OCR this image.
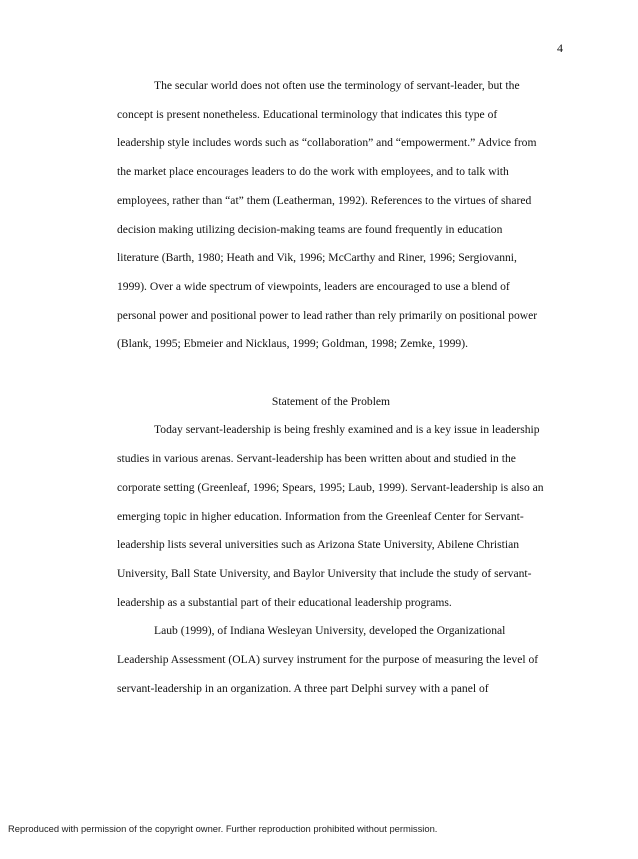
4

The secular world does not often use the terminology of servant-leader, but the concept is present nonetheless. Educational terminology that indicates this type of leadership style includes words such as “collaboration” and “empowerment.” Advice from the market place encourages leaders to do the work with employees, and to talk with employees, rather than “at” them (Leatherman, 1992). References to the virtues of shared decision making utilizing decision-making teams are found frequently in education literature (Barth, 1980; Heath and Vik, 1996; McCarthy and Riner, 1996; Sergiovanni, 1999). Over a wide spectrum of viewpoints, leaders are encouraged to use a blend of personal power and positional power to lead rather than rely primarily on positional power (Blank, 1995; Ebmeier and Nicklaus, 1999; Goldman, 1998; Zemke, 1999).

Statement of the Problem

Today servant-leadership is being freshly examined and is a key issue in leadership studies in various arenas. Servant-leadership has been written about and studied in the corporate setting (Greenleaf, 1996; Spears, 1995; Laub, 1999). Servant-leadership is also an emerging topic in higher education. Information from the Greenleaf Center for Servant-leadership lists several universities such as Arizona State University, Abilene Christian University, Ball State University, and Baylor University that include the study of servant-leadership as a substantial part of their educational leadership programs.

Laub (1999), of Indiana Wesleyan University, developed the Organizational Leadership Assessment (OLA) survey instrument for the purpose of measuring the level of servant-leadership in an organization. A three part Delphi survey with a panel of

Reproduced with permission of the copyright owner. Further reproduction prohibited without permission.
